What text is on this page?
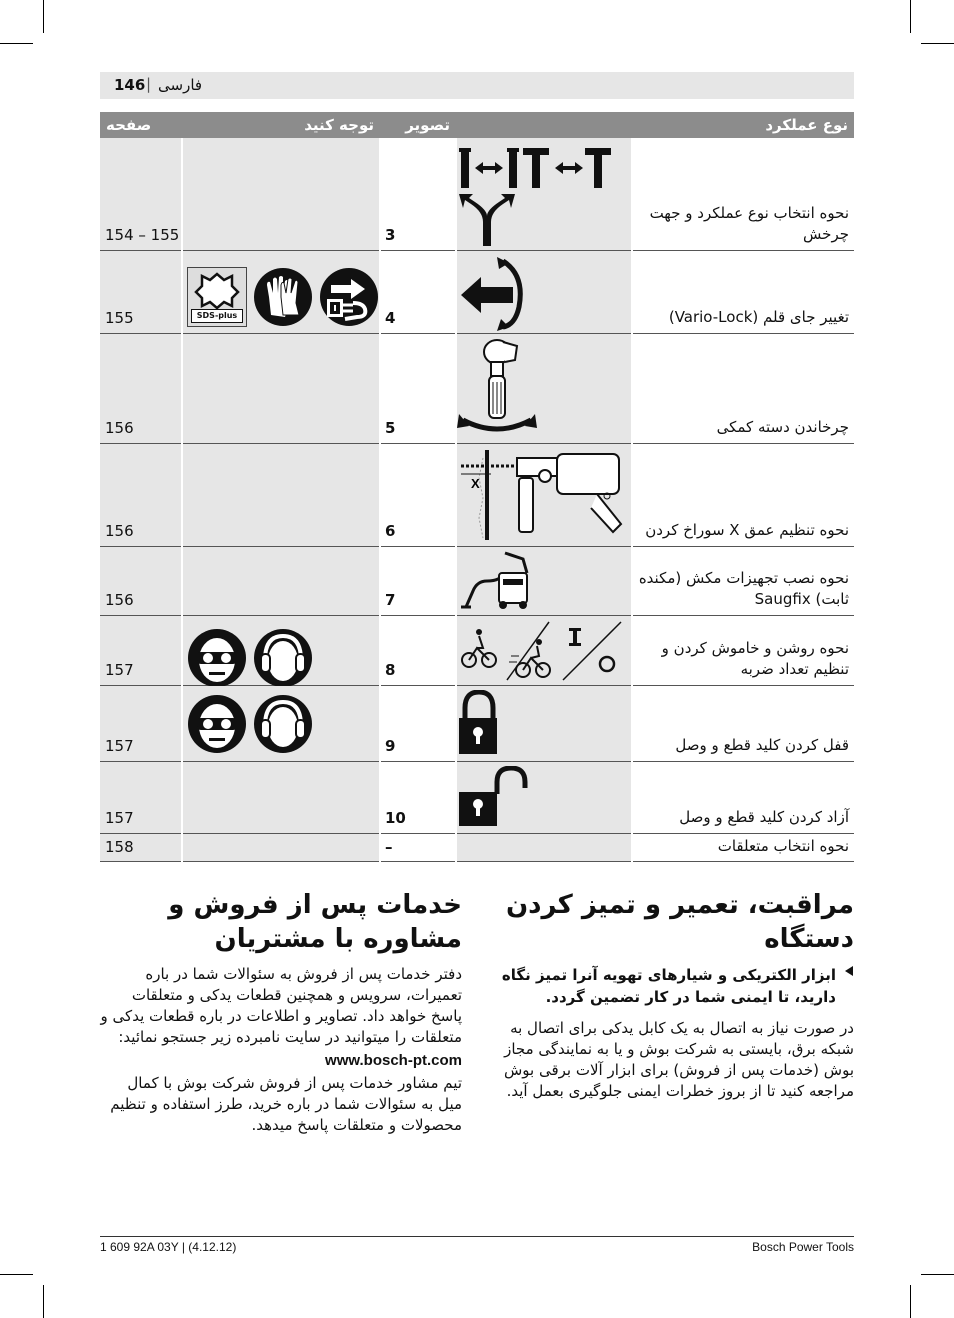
146 | فارسی
صفحه	توجه کنید	تصویر		نوع عملکرد
154 – 155		3		نحوه انتخاب نوع عملکرد و جهت چرخش
155	SDS-plus	4		تغییر جای قلم (Vario-Lock)
156		5		چرخاندن دسته کمکی
156		6	X	نحوه تنظیم عمق X سوراخ کردن
156		7		نحوه نصب تجهیزات مکش (مکنده ثابت) Saugfix
157		8		نحوه روشن و خاموش کردن و تنظیم تعداد ضربه
157		9		قفل کردن کلید قطع و وصل
157		10		آزاد کردن کلید قطع و وصل
158		–		نحوه انتخاب متعلقات
مراقبت، تعمیر و تمیز کردن دستگاه
ابزار الکتریکی و شیارهای تهویه آنرا تمیز نگاه دارید، تا ایمنی شما در کار تضمین گردد.
در صورت نیاز به اتصال به یک کابل یدکی برای اتصال به شبکه برق، بایستی به شرکت بوش و یا به نمایندگی مجاز بوش (خدمات پس از فروش) برای ابزار آلات برقی بوش مراجعه کنید تا از بروز خطرات ایمنی جلوگیری بعمل آید.
خدمات پس از فروش و مشاوره با مشتریان
دفتر خدمات پس از فروش به سئوالات شما در باره تعمیرات، سرویس و همچنین قطعات یدکی و متعلقات پاسخ خواهد داد. تصاویر و اطلاعات در باره قطعات یدکی و متعلقات را میتوانید در سایت نامبرده زیر جستجو نمائید:
www.bosch-pt.com
تیم مشاور خدمات پس از فروش شرکت بوش با کمال میل به سئوالات شما در باره خرید، طرز استفاده و تنظیم محصولات و متعلقات پاسخ میدهد.
1 609 92A 03Y | (4.12.12)	Bosch Power Tools
